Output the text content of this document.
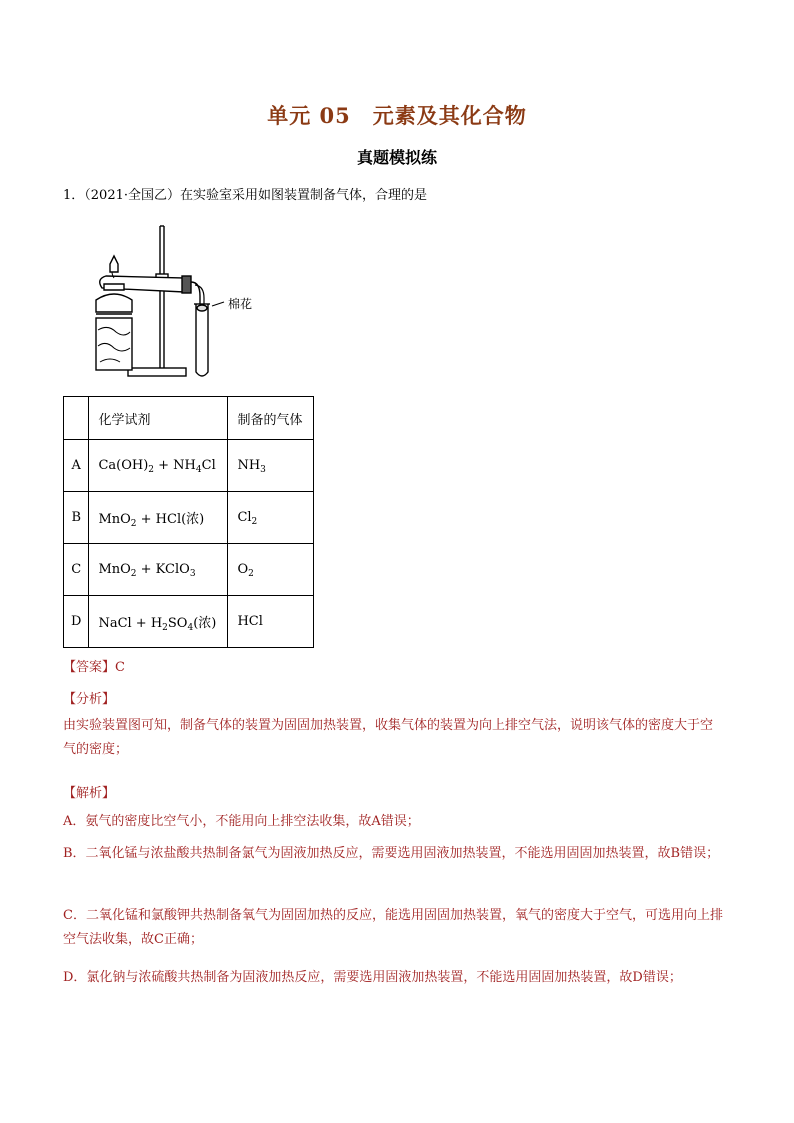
单元 05　元素及其化合物
真题模拟练
1．（2021·全国乙）在实验室采用如图装置制备气体，合理的是
棉花
	化学试剂	制备的气体
A	$Ca(OH)_2 + NH_4Cl$	$NH_3$
B	MnO$_2$ + HCl(浓)	$Cl_2$
C	MnO$_2$ + KClO$_3$	$O_2$
D	NaCl + $H_2SO_4$(浓)	HCl
【答案】C
【分析】
由实验装置图可知，制备气体的装置为固固加热装置，收集气体的装置为向上排空气法，说明该气体的密度大于空气的密度；
【解析】
A．氨气的密度比空气小，不能用向上排空法收集，故A错误；
B．二氧化锰与浓盐酸共热制备氯气为固液加热反应，需要选用固液加热装置，不能选用固固加热装置，故B错误；
C．二氧化锰和氯酸钾共热制备氧气为固固加热的反应，能选用固固加热装置，氧气的密度大于空气，可选用向上排空气法收集，故C正确；
D．氯化钠与浓硫酸共热制备为固液加热反应，需要选用固液加热装置，不能选用固固加热装置，故D错误；
